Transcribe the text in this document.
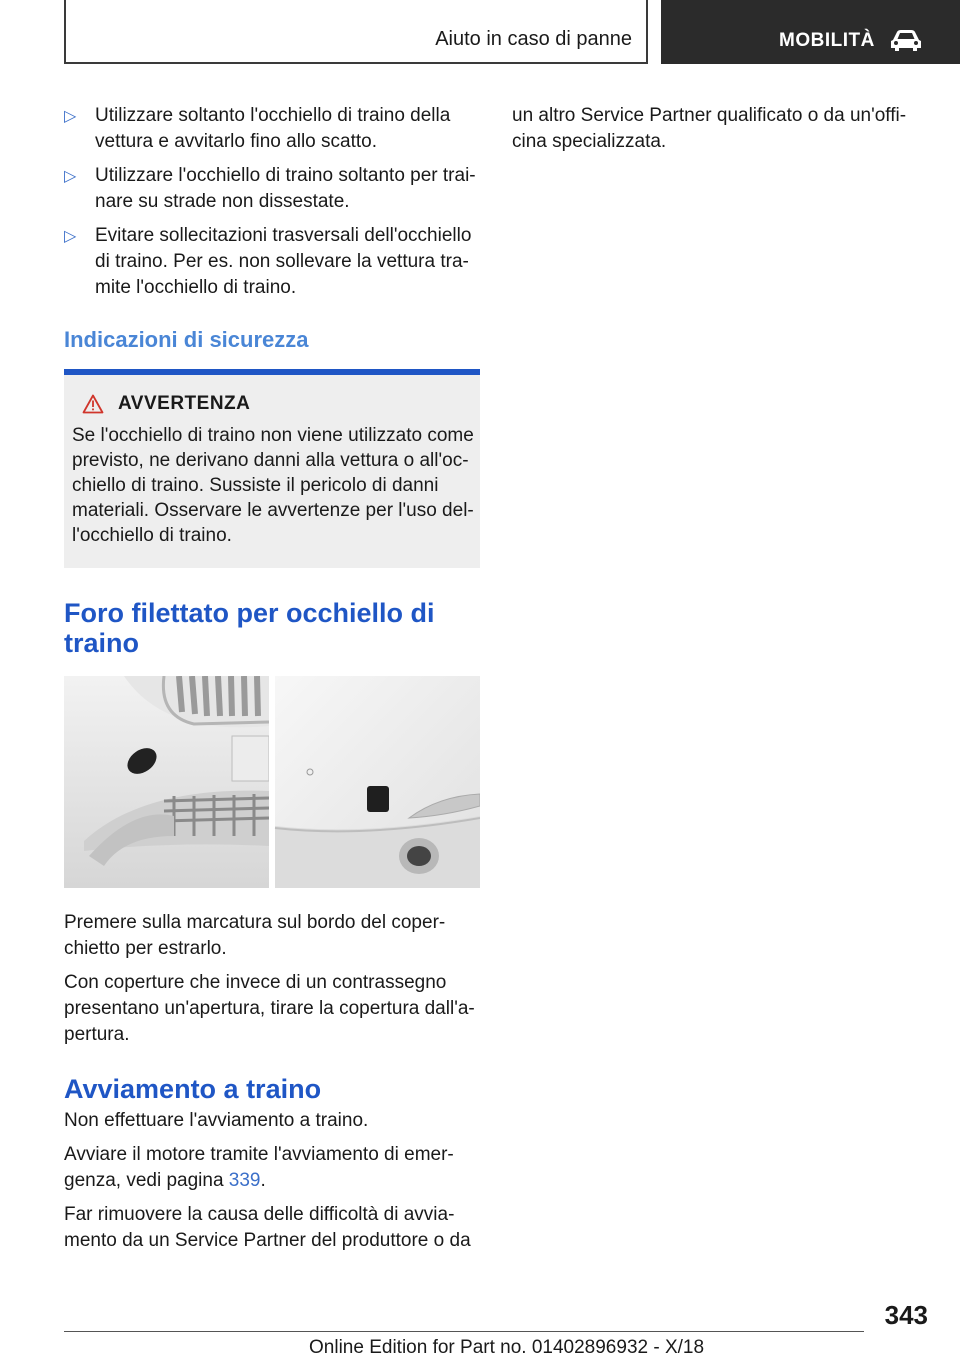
Aiuto in caso di panne	MOBILITÀ
▷ Utilizzare soltanto l'occhiello di traino della vettura e avvitarlo fino allo scatto.
▷ Utilizzare l'occhiello di traino soltanto per trainare su strade non dissestate.
▷ Evitare sollecitazioni trasversali dell'occhiello di traino. Per es. non sollevare la vettura tramite l'occhiello di traino.
Indicazioni di sicurezza
AVVERTENZA
Se l'occhiello di traino non viene utilizzato come previsto, ne derivano danni alla vettura o all'occhiello di traino. Sussiste il pericolo di danni materiali. Osservare le avvertenze per l'uso dell'occhiello di traino.
Foro filettato per occhiello di traino

Premere sulla marcatura sul bordo del coperchietto per estrarlo.

Con coperture che invece di un contrassegno presentano un'apertura, tirare la copertura dall'apertura.

Avviamento a traino

Non effettuare l'avviamento a traino.

Avviare il motore tramite l'avviamento di emergenza, vedi pagina 339.

Far rimuovere la causa delle difficoltà di avviamento da un Service Partner del produttore o da

un altro Service Partner qualificato o da un'officina specializzata.

343
Online Edition for Part no. 01402896932 - X/18
